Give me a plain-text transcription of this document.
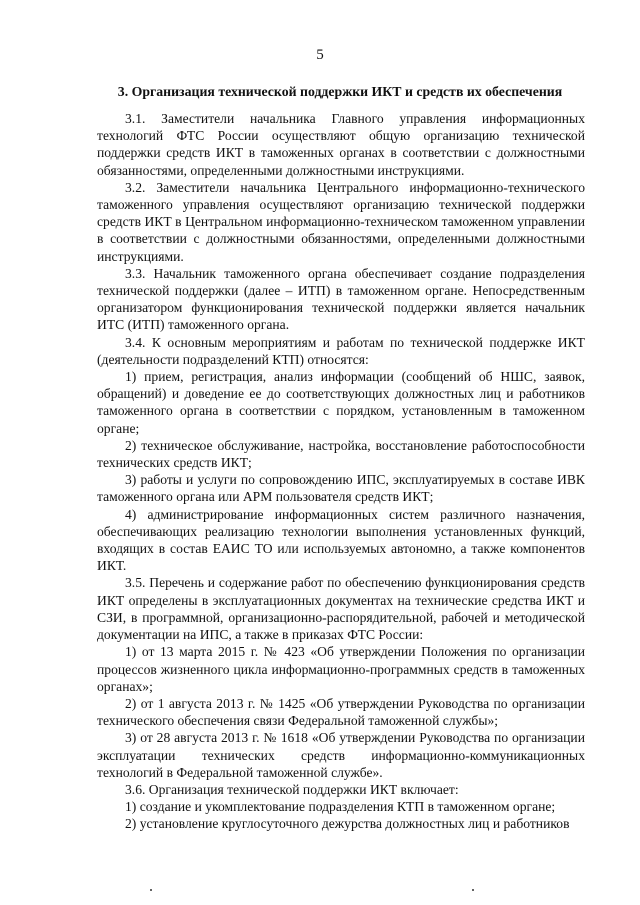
5
3. Организация технической поддержки ИКТ и средств их обеспечения

3.1. Заместители начальника Главного управления информационных технологий ФТС России осуществляют общую организацию технической поддержки средств ИКТ в таможенных органах в соответствии с должностными обязанностями, определенными должностными инструкциями.

3.2. Заместители начальника Центрального информационно-технического таможенного управления осуществляют организацию технической поддержки средств ИКТ в Центральном информационно-техническом таможенном управлении в соответствии с должностными обязанностями, определенными должностными инструкциями.

3.3. Начальник таможенного органа обеспечивает создание подразделения технической поддержки (далее – ИТП) в таможенном органе. Непосредственным организатором функционирования технической поддержки является начальник ИТС (ИТП) таможенного органа.

3.4. К основным мероприятиям и работам по технической поддержке ИКТ (деятельности подразделений КТП) относятся:

1) прием, регистрация, анализ информации (сообщений об НШС, заявок, обращений) и доведение ее до соответствующих должностных лиц и работников таможенного органа в соответствии с порядком, установленным в таможенном органе;

2) техническое обслуживание, настройка, восстановление работоспособности технических средств ИКТ;

3) работы и услуги по сопровождению ИПС, эксплуатируемых в составе ИВК таможенного органа или АРМ пользователя средств ИКТ;

4) администрирование информационных систем различного назначения, обеспечивающих реализацию технологии выполнения установленных функций, входящих в состав ЕАИС ТО или используемых автономно, а также компонентов ИКТ.

3.5. Перечень и содержание работ по обеспечению функционирования средств ИКТ определены в эксплуатационных документах на технические средства ИКТ и СЗИ, в программной, организационно-распорядительной, рабочей и методической документации на ИПС, а также в приказах ФТС России:

1) от 13 марта 2015 г. № 423 «Об утверждении Положения по организации процессов жизненного цикла информационно-программных средств в таможенных органах»;

2) от 1 августа 2013 г. № 1425 «Об утверждении Руководства по организации технического обеспечения связи Федеральной таможенной службы»;

3) от 28 августа 2013 г. № 1618 «Об утверждении Руководства по организации эксплуатации технических средств информационно-коммуникационных технологий в Федеральной таможенной службе».

3.6. Организация технической поддержки ИКТ включает:

1) создание и укомплектование подразделения КТП в таможенном органе;

2) установление круглосуточного дежурства должностных лиц и работников
